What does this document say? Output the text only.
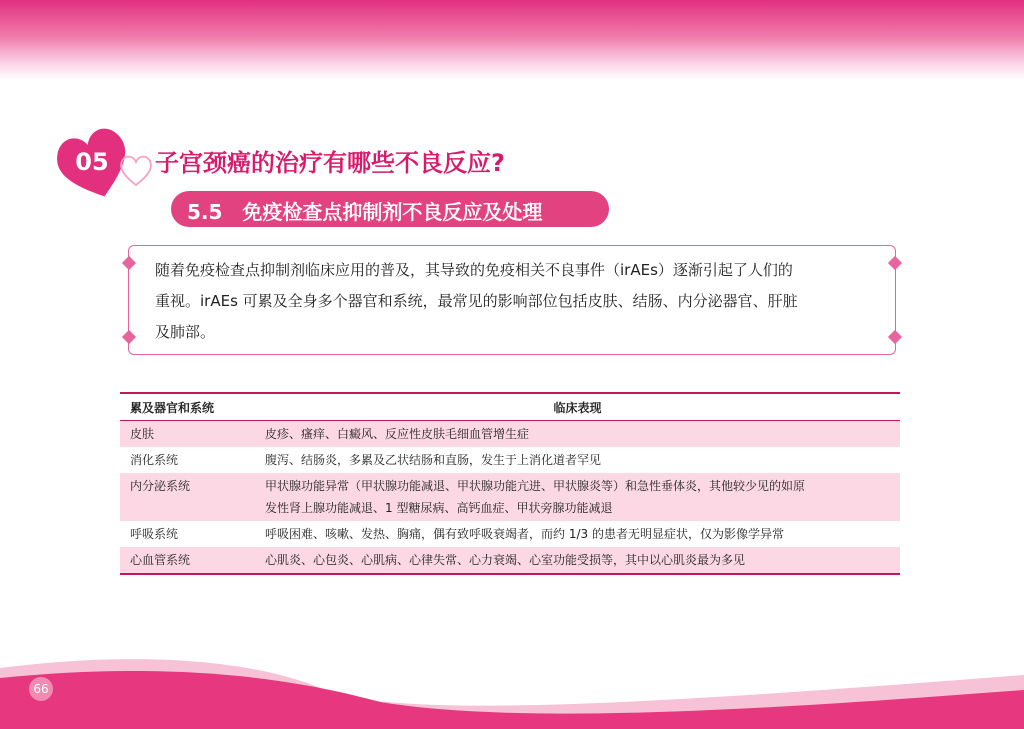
05 子宫颈癌的治疗有哪些不良反应?
5.5　免疫检查点抑制剂不良反应及处理
随着免疫检查点抑制剂临床应用的普及，其导致的免疫相关不良事件（irAEs）逐渐引起了人们的
重视。irAEs 可累及全身多个器官和系统，最常见的影响部位包括皮肤、结肠、内分泌器官、肝脏
及肺部。
累及器官和系统	临床表现
皮肤	皮疹、瘙痒、白癜风、反应性皮肤毛细血管增生症

消化系统	腹泻、结肠炎，多累及乙状结肠和直肠，发生于上消化道者罕见

内分泌系统	甲状腺功能异常（甲状腺功能减退、甲状腺功能亢进、甲状腺炎等）和急性垂体炎，其他较少见的如原
发性肾上腺功能减退、1 型糖尿病、高钙血症、甲状旁腺功能减退

呼吸系统	呼吸困难、咳嗽、发热、胸痛，偶有致呼吸衰竭者，而约 1/3 的患者无明显症状，仅为影像学异常

心血管系统	心肌炎、心包炎、心肌病、心律失常、心力衰竭、心室功能受损等，其中以心肌炎最为多见
66
